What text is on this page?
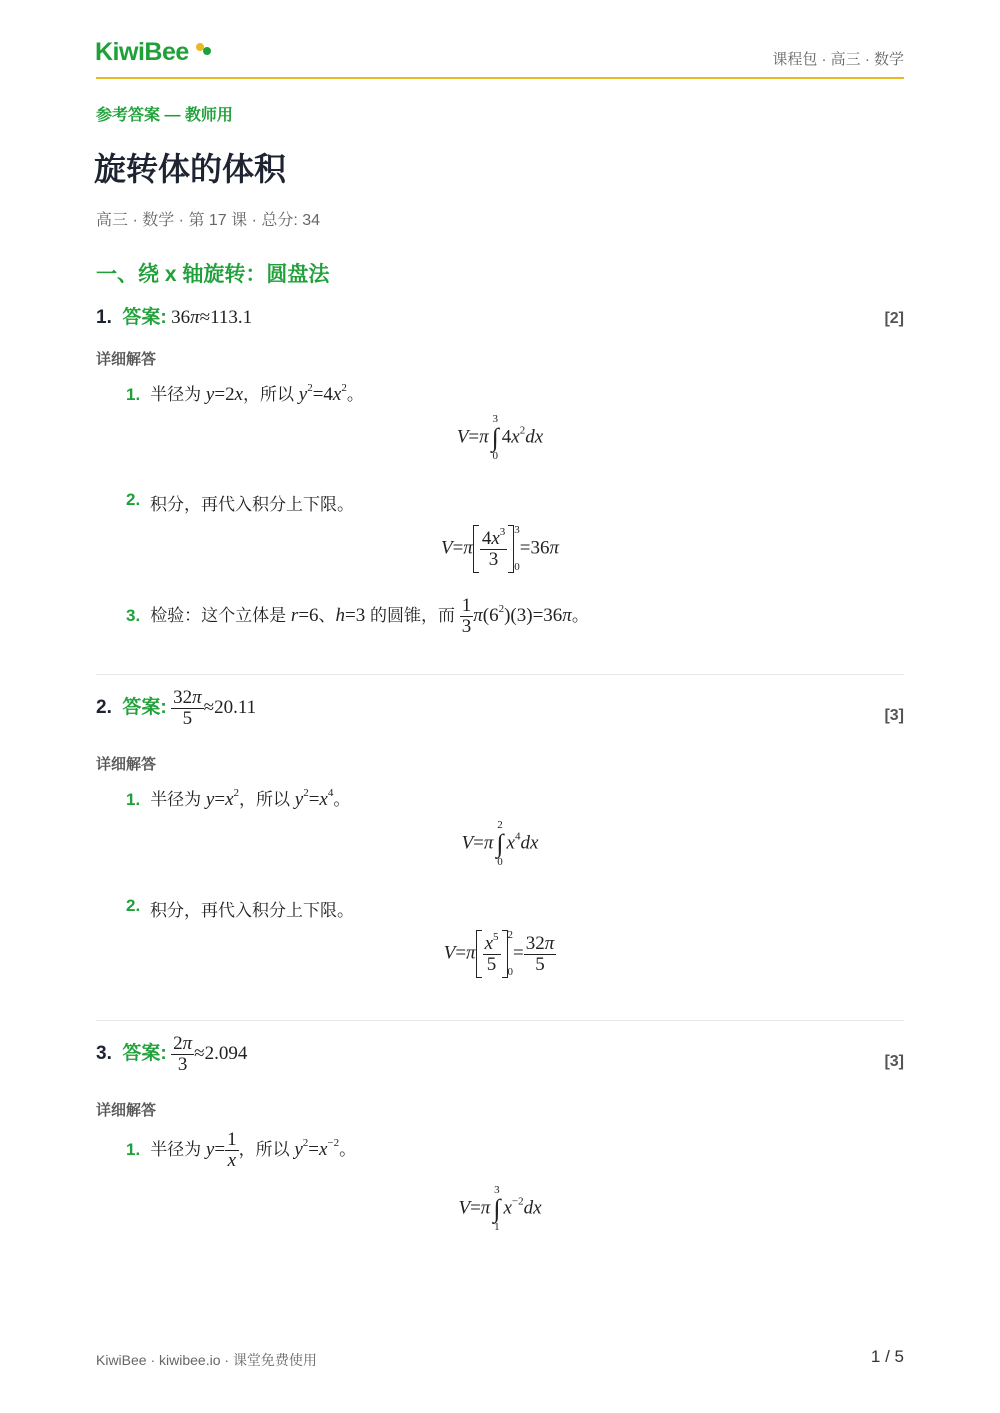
KiwiBee	课程包 · 高三 · 数学
参考答案 — 教师用
旋转体的体积
高三 · 数学 · 第 17 课 · 总分: 34
一、绕 x 轴旋转：圆盘法
1. 答案: 36π≈113.1	[2]
详细解答
1. 半径为 y=2x，所以 $y^2=4x^2$。
V=π
3
∫
0
$4x^2dx$
积分，再代入积分上下限。
2.
$V=\pi \frac{4x^3}{3} 3$
0
=36π
3. 检验：这个立体是 r=6、h=3 的圆锥，而 $\frac{1}{3} \pi(6^2)(3)=36\pi$。
2. 答案: $\frac{32\pi}{5} \approx 20.11$	[3]
详细解答
1. 半径为 $y=x^2$，所以 $y^2=x^4$。
V=π
2
∫
0
$x^4dx$
2. 积分，再代入积分上下限。
$V=\pi \frac{x^5}{5} 2$
0
= $\frac{32\pi}{5}$
3. 答案: $\frac{2\pi}{3} \approx 2.094$	[3]
详细解答
1. 半径为 $y= \frac{1}{x}$ ，所以 $y^2=x^{-2}$。
V=π
3
∫
1
$x^{-2}dx$
KiwiBee · kiwibee.io · 课堂免费使用	1 / 5
